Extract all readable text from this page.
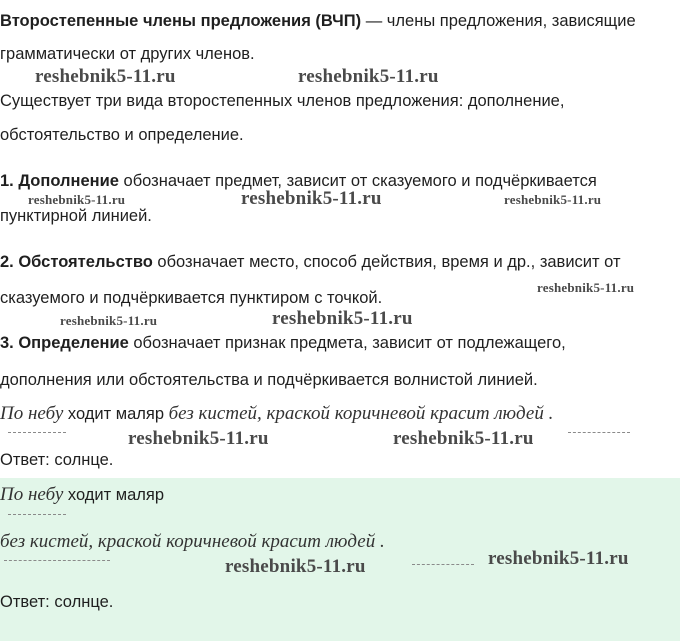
Второстепенные члены предложения (ВЧП) — члены предложения, зависящие
грамматически от других членов.
Существует три вида второстепенных членов предложения: дополнение,
обстоятельство и определение.
1. Дополнение обозначает предмет, зависит от сказуемого и подчёркивается
пунктирной линией.
2. Обстоятельство обозначает место, способ действия, время и др., зависит от
сказуемого и подчёркивается пунктиром с точкой.
3. Определение обозначает признак предмета, зависит от подлежащего,
дополнения или обстоятельства и подчёркивается волнистой линией.
По небу ходит маляр без кистей, краской коричневой красит людей .
Ответ: солнце.
По небу ходит маляр
без кистей, краской коричневой красит людей .
Ответ: солнце.
reshebnik5-11.ru	reshebnik5-11.ru
reshebnik5-11.ru	reshebnik5-11.ru	reshebnik5-11.ru
reshebnik5-11.ru
reshebnik5-11.ru	reshebnik5-11.ru
reshebnik5-11.ru	reshebnik5-11.ru
reshebnik5-11.ru
reshebnik5-11.ru
